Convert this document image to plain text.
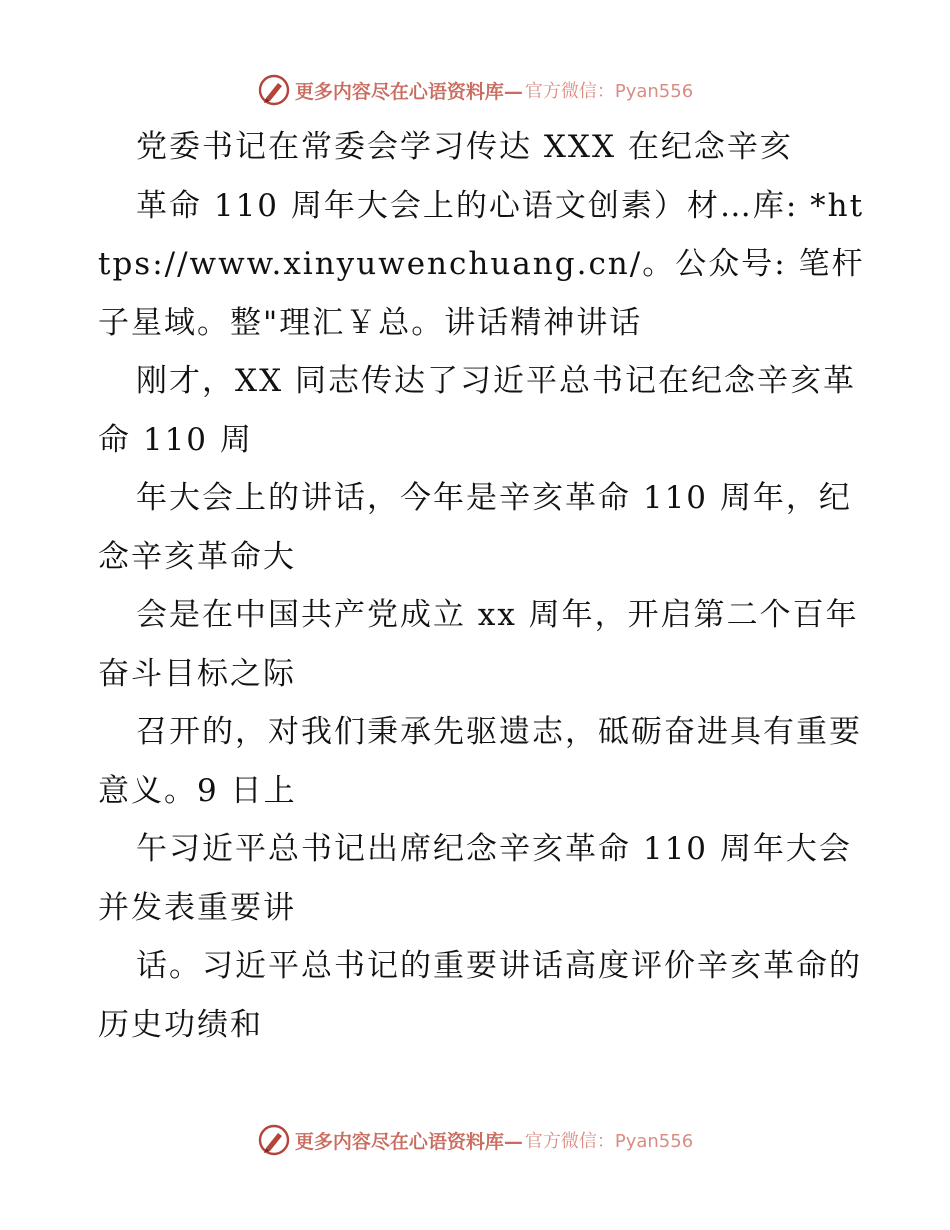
更多内容尽在心语资料库— 官方微信：Pyan556

党委书记在常委会学习传达 XXX 在纪念辛亥

革命 110 周年大会上的心语文创素）材…库: *https://www.xinyuwenchuang.cn/。公众号: 笔杆子星域。整"理汇￥总。讲话精神讲话

刚才，XX 同志传达了习近平总书记在纪念辛亥革命 110 周

年大会上的讲话，今年是辛亥革命 110 周年，纪念辛亥革命大

会是在中国共产党成立 xx 周年，开启第二个百年奋斗目标之际

召开的，对我们秉承先驱遗志，砥砺奋进具有重要意义。9 日上

午习近平总书记出席纪念辛亥革命 110 周年大会并发表重要讲

话。习近平总书记的重要讲话高度评价辛亥革命的历史功绩和

更多内容尽在心语资料库— 官方微信：Pyan556
